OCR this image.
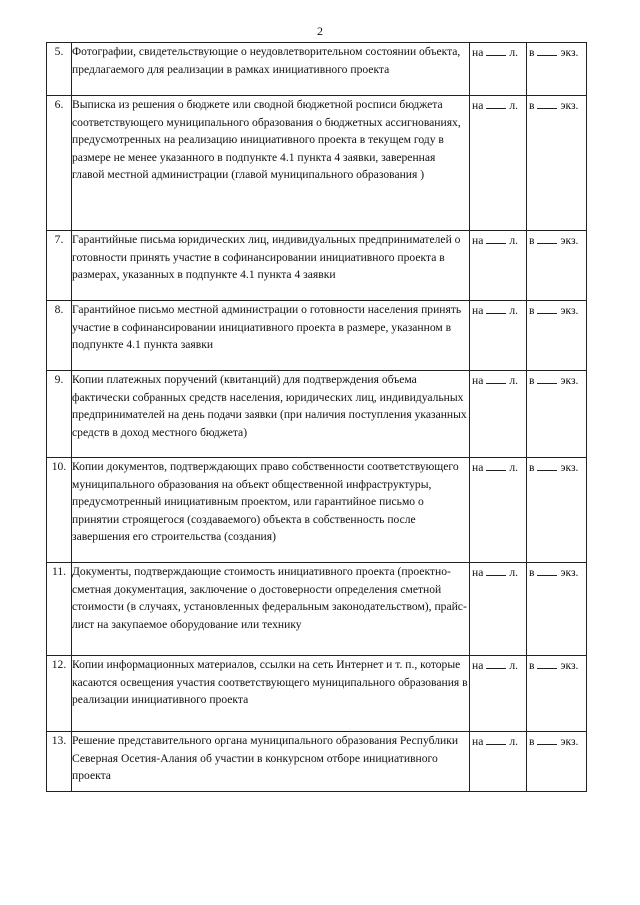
2
5.	Фотографии, свидетельствующие о неудовлетворительном состоянии объекта, предлагаемого для реализации в рамках инициативного проекта	на л.	в экз.

6.	Выписка из решения о бюджете или сводной бюджетной росписи бюджета соответствующего муниципального образования о бюджетных ассигнованиях, предусмотренных на реализацию инициативного проекта в текущем году в размере не менее указанного в подпункте 4.1 пункта 4 заявки, заверенная главой местной администрации (главой муниципального образования )	на л.	в экз.

7.	Гарантийные письма юридических лиц, индивидуальных предпринимателей о готовности принять участие в софинансировании инициативного проекта в размерах, указанных в подпункте 4.1 пункта 4 заявки	на л.	в экз.

8.	Гарантийное письмо местной администрации о готовности населения принять участие в софинансировании инициативного проекта в размере, указанном в подпункте 4.1 пункта заявки	на л.	в экз.

9.	Копии платежных поручений (квитанций) для подтверждения объема фактически собранных средств населения, юридических лиц, индивидуальных предпринимателей на день подачи заявки (при наличия поступления указанных средств в доход местного бюджета)	на л.	в экз.

10.	Копии документов, подтверждающих право собственности соответствующего муниципального образования на объект общественной инфраструктуры, предусмотренный инициативным проектом, или гарантийное письмо о принятии строящегося (создаваемого) объекта в собственность после завершения его строительства (создания)	на л.	в экз.

11.	Документы, подтверждающие стоимость инициативного проекта (проектно-сметная документация, заключение о достоверности определения сметной стоимости (в случаях, установленных федеральным законодательством), прайс-лист на закупаемое оборудование или технику	на л.	в экз.

12.	Копии информационных материалов, ссылки на сеть Интернет и т. п., которые касаются освещения участия соответствующего муниципального образования в реализации инициативного проекта	на л.	в экз.

13.	Решение представительного органа муниципального образования Республики Северная Осетия-Алания об участии в конкурсном отборе инициативного проекта	на л.	в экз.
